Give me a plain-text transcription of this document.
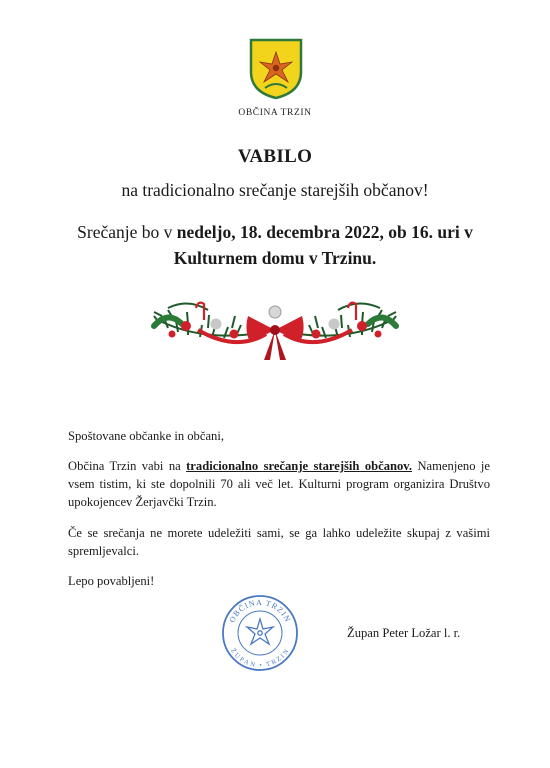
OBČINA TRZIN
VABILO
na tradicionalno srečanje starejših občanov!
Srečanje bo v nedeljo, 18. decembra 2022, ob 16. uri v Kulturnem domu v Trzinu.
Spoštovane občanke in občani,
Občina Trzin vabi na tradicionalno srečanje starejših občanov. Namenjeno je vsem tistim, ki ste dopolnili 70 ali več let. Kulturni program organizira Društvo upokojencev Žerjavčki Trzin.
Če se srečanja ne morete udeležiti sami, se ga lahko udeležite skupaj z vašimi spremljevalci.
Lepo povabljeni!
OBČINA TRZIN
ŽUPAN • TRZIN
Župan Peter Ložar l. r.
